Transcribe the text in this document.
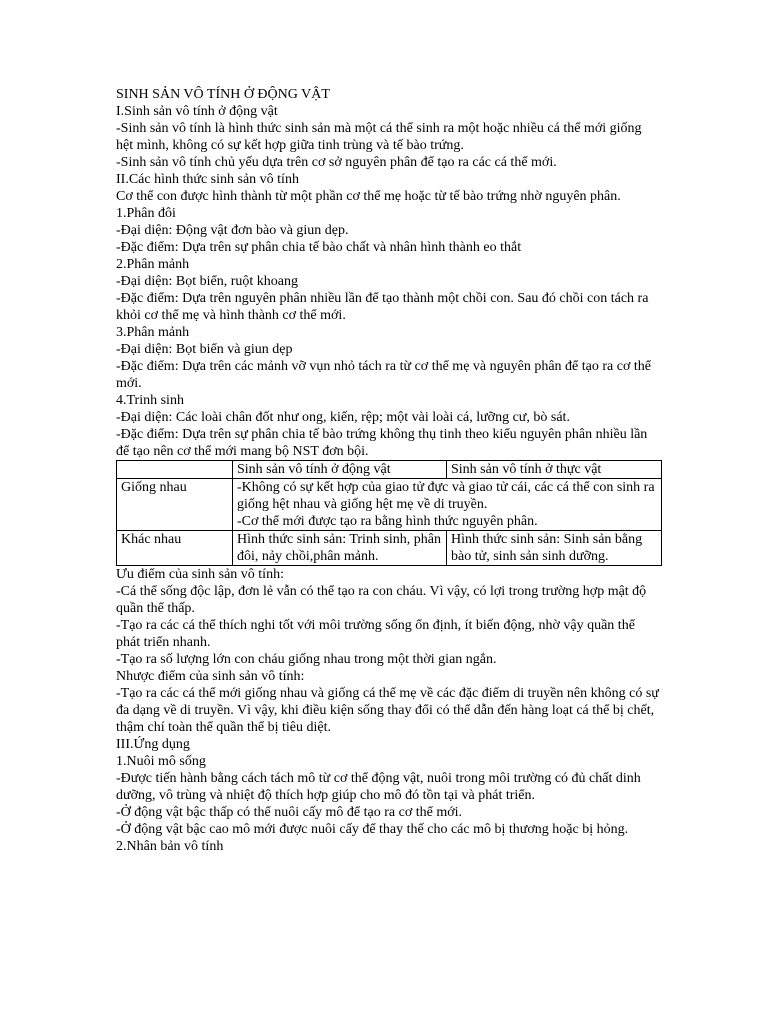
SINH SẢN VÔ TÍNH Ở ĐỘNG VẬT

I.Sinh sản vô tính ở động vật

-Sinh sản vô tính là hình thức sinh sản mà một cá thể sinh ra một hoặc nhiều cá thể mới giống hệt mình, không có sự kết hợp giữa tinh trùng và tế bào trứng.

-Sinh sản vô tính chủ yếu dựa trên cơ sở nguyên phân để tạo ra các cá thể mới.

II.Các hình thức sinh sản vô tính

Cơ thể con được hình thành từ một phần cơ thể mẹ hoặc từ tế bào trứng nhờ nguyên phân.

1.Phân đôi

-Đại diện: Động vật đơn bào và giun dẹp.

-Đặc điểm: Dựa trên sự phân chia tế bào chất và nhân hình thành eo thắt

2.Phân mảnh

-Đại diện: Bọt biển, ruột khoang

-Đặc điểm: Dựa trên nguyên phân nhiều lần để tạo thành một chồi con. Sau đó chồi con tách ra khỏi cơ thể mẹ và hình thành cơ thể mới.

3.Phân mảnh

-Đại diện: Bọt biển và giun dẹp

-Đặc điểm: Dựa trên các mảnh vỡ vụn nhỏ tách ra từ cơ thể mẹ và nguyên phân để tạo ra cơ thể mới.

4.Trinh sinh

-Đại diện: Các loài chân đốt như ong, kiến, rệp; một vài loài cá, lưỡng cư, bò sát.

-Đặc điểm: Dựa trên sự phân chia tế bào trứng không thụ tinh theo kiểu nguyên phân nhiều lần để tạo nên cơ thể mới mang bộ NST đơn bội.

	Sinh sản vô tính ở động vật	Sinh sản vô tính ở thực vật
Giống nhau	-Không có sự kết hợp của giao tử đực và giao tử cái, các cá thể con sinh ra giống hệt nhau và giống hệt mẹ về di truyền.
-Cơ thể mới được tạo ra bằng hình thức nguyên phân.	

Khác nhau	Hình thức sinh sản: Trinh sinh, phân đôi, nảy chồi,phân mảnh.	Hình thức sinh sản: Sinh sản bằng bào tử, sinh sản sinh dưỡng.

Ưu điểm của sinh sản vô tính:

-Cá thể sống độc lập, đơn lẻ vẫn có thể tạo ra con cháu. Vì vậy, có lợi trong trường hợp mật độ quần thể thấp.

-Tạo ra các cá thể thích nghi tốt với môi trường sống ổn định, ít biến động, nhờ vậy quần thể phát triển nhanh.

-Tạo ra số lượng lớn con cháu giống nhau trong một thời gian ngắn.

Nhược điểm của sinh sản vô tính:

-Tạo ra các cá thể mới giống nhau và giống cá thể mẹ về các đặc điểm di truyền nên không có sự đa dạng về di truyền. Vì vậy, khi điều kiện sống thay đổi có thể dẫn đến hàng loạt cá thể bị chết, thậm chí toàn thể quần thể bị tiêu diệt.

III.Ứng dụng

1.Nuôi mô sống

-Được tiến hành bằng cách tách mô từ cơ thể động vật, nuôi trong môi trường có đủ chất dinh dưỡng, vô trùng và nhiệt độ thích hợp giúp cho mô đó tồn tại và phát triển.

-Ở động vật bậc thấp có thể nuôi cấy mô để tạo ra cơ thể mới.

-Ở động vật bậc cao mô mới được nuôi cấy để thay thế cho các mô bị thương hoặc bị hỏng.

2.Nhân bản vô tính
